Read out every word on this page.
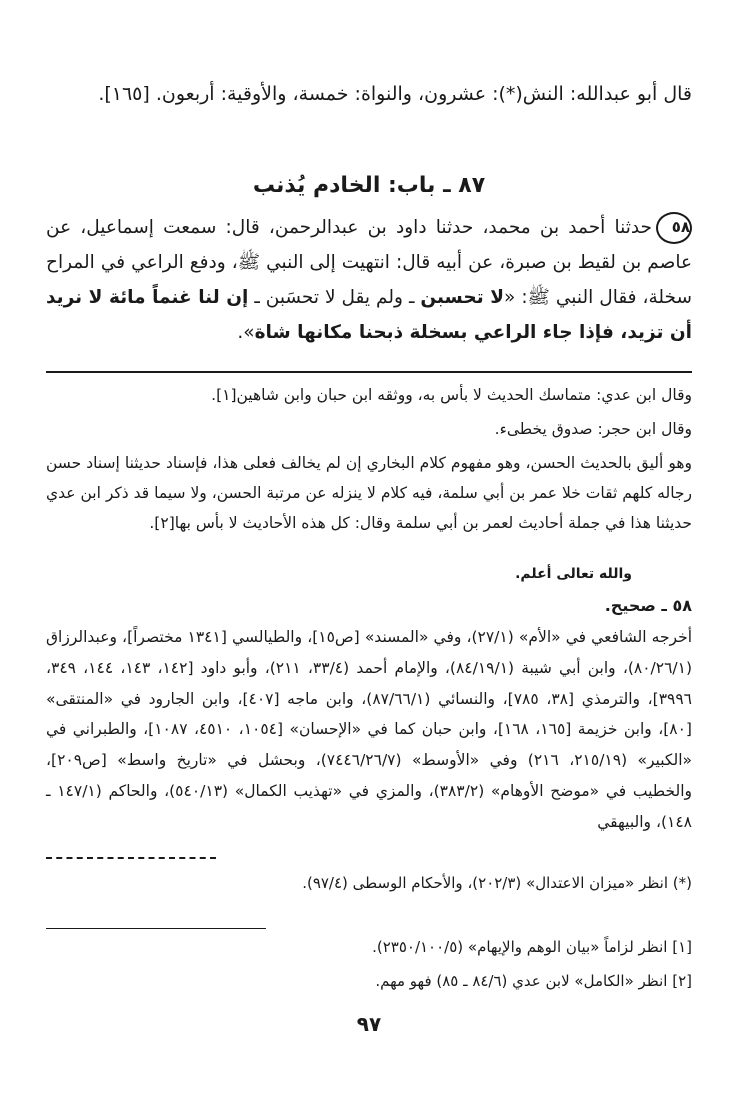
قال أبو عبدالله: النش(*): عشرون، والنواة: خمسة، والأوقية: أربعون. [١٦٥].
٨٧ ـ باب: الخادم يُذنب
٥٨حدثنا أحمد بن محمد، حدثنا داود بن عبدالرحمن، قال: سمعت إسماعيل، عن عاصم بن لقيط بن صبرة، عن أبيه قال: انتهيت إلى النبي ﷺ، ودفع الراعي في المراح سخلة، فقال النبي ﷺ: «لا تحسبن ـ ولم يقل لا تحسَبن ـ إن لنا غنماً مائة لا نريد أن تزيد، فإذا جاء الراعي بسخلة ذبحنا مكانها شاة».

وقال ابن عدي: متماسك الحديث لا بأس به، ووثقه ابن حبان وابن شاهين[١].

وقال ابن حجر: صدوق يخطىء.

وهو أليق بالحديث الحسن، وهو مفهوم كلام البخاري إن لم يخالف فعلى هذا، فإسناد حديثنا إسناد حسن رجاله كلهم ثقات خلا عمر بن أبي سلمة، فيه كلام لا ينزله عن مرتبة الحسن، ولا سيما قد ذكر ابن عدي حديثنا هذا في جملة أحاديث لعمر بن أبي سلمة وقال: كل هذه الأحاديث لا بأس بها[٢].

والله تعالى أعلم.
٥٨ ـ صحيح.
أخرجه الشافعي في «الأم» (٢٧/١)، وفي «المسند» [ص١٥]، والطيالسي [١٣٤١ مختصراً]، وعبدالرزاق (٨٠/٢٦/١)، وابن أبي شيبة (٨٤/١٩/١)، والإمام أحمد (٣٣/٤، ٢١١)، وأبو داود [١٤٢، ١٤٣، ١٤٤، ٣٤٩، ٣٩٩٦]، والترمذي [٣٨، ٧٨٥]، والنسائي (٨٧/٦٦/١)، وابن ماجه [٤٠٧]، وابن الجارود في «المنتقى» [٨٠]، وابن خزيمة [١٦٥، ١٦٨]، وابن حبان كما في «الإحسان» [١٠٥٤، ٤٥١٠، ١٠٨٧]، والطبراني في «الكبير» (٢١٥/١٩، ٢١٦) وفي «الأوسط» (٧٤٤٦/٢٦/٧)، وبحشل في «تاريخ واسط» [ص٢٠٩]، والخطيب في «موضح الأوهام» (٣٨٣/٢)، والمزي في «تهذيب الكمال» (٥٤٠/١٣)، والحاكم (١٤٧/١ ـ ١٤٨)، والبيهقي
(*) انظر «ميزان الاعتدال» (٢٠٢/٣)، والأحكام الوسطى (٩٧/٤).
[١] انظر لزاماً «بيان الوهم والإيهام» (٢٣٥٠/١٠٠/٥).
[٢] انظر «الكامل» لابن عدي (٨٤/٦ ـ ٨٥) فهو مهم.
٩٧
